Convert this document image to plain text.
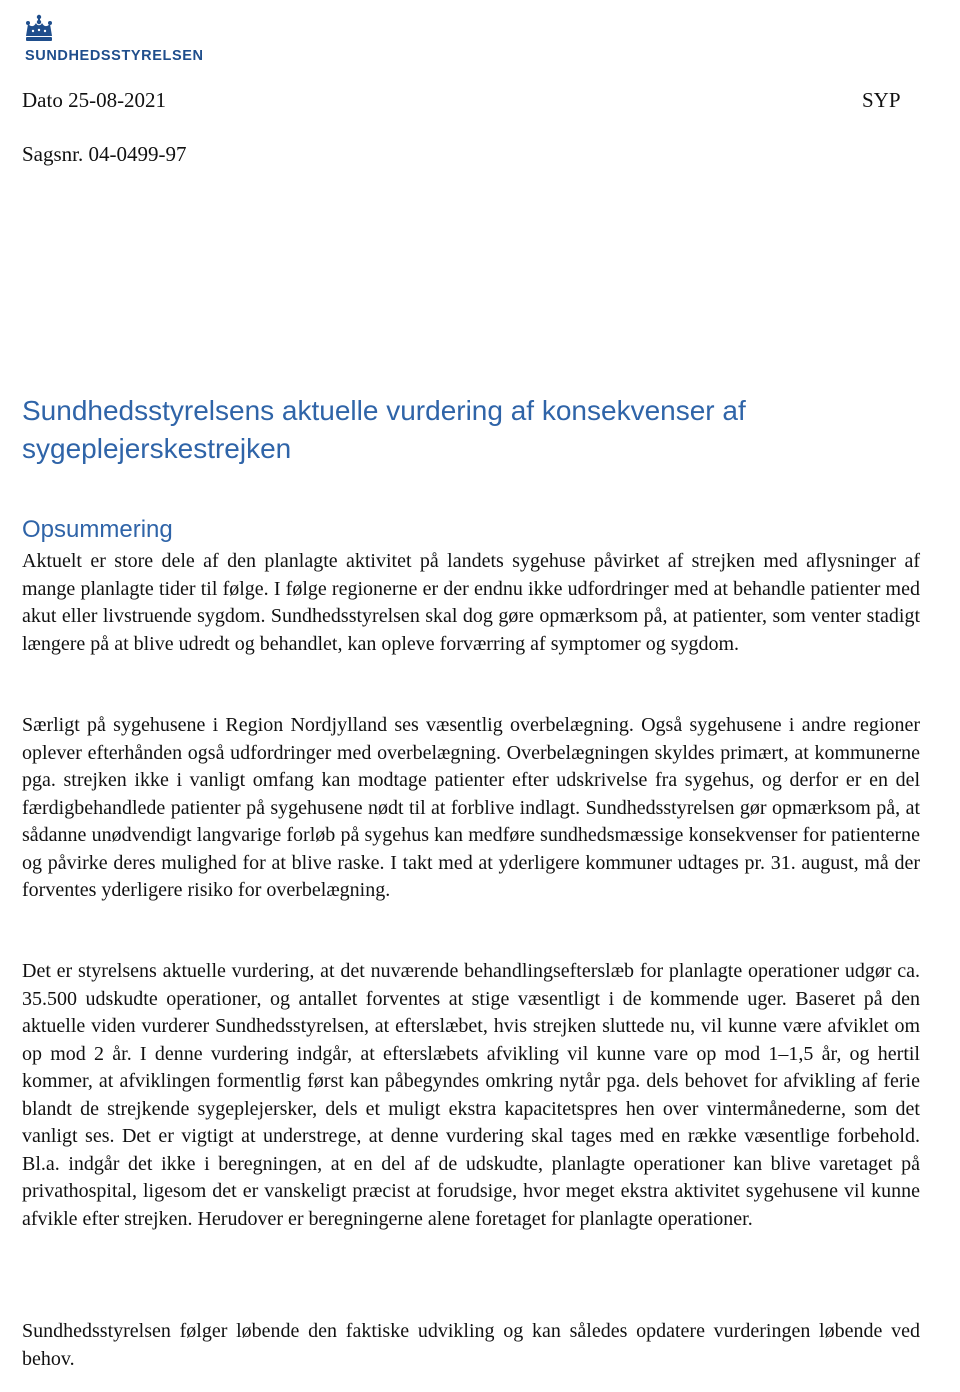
SUNDHEDSSTYRELSEN
Dato 25-08-2021	SYP
Sagsnr. 04-0499-97
Sundhedsstyrelsens aktuelle vurdering af konsekvenser af sygeplejerskestrejken
Opsummering

Aktuelt er store dele af den planlagte aktivitet på landets sygehuse påvirket af strejken med aflysninger af mange planlagte tider til følge. I følge regionerne er der endnu ikke udfordringer med at behandle patienter med akut eller livstruende sygdom. Sundhedsstyrelsen skal dog gøre opmærksom på, at patienter, som venter stadigt længere på at blive udredt og behandlet, kan opleve forværring af symptomer og sygdom.

Særligt på sygehusene i Region Nordjylland ses væsentlig overbelægning. Også sygehusene i andre regioner oplever efterhånden også udfordringer med overbelægning. Overbelægningen skyldes primært, at kommunerne pga. strejken ikke i vanligt omfang kan modtage patienter efter udskrivelse fra sygehus, og derfor er en del færdigbehandlede patienter på sygehusene nødt til at forblive indlagt. Sundhedsstyrelsen gør opmærksom på, at sådanne unødvendigt langvarige forløb på sygehus kan medføre sundhedsmæssige konsekvenser for patienterne og påvirke deres mulighed for at blive raske. I takt med at yderligere kommuner udtages pr. 31. august, må der forventes yderligere risiko for overbelægning.

Det er styrelsens aktuelle vurdering, at det nuværende behandlingsefterslæb for planlagte operationer udgør ca. 35.500 udskudte operationer, og antallet forventes at stige væsentligt i de kommende uger. Baseret på den aktuelle viden vurderer Sundhedsstyrelsen, at efterslæbet, hvis strejken sluttede nu, vil kunne være afviklet om op mod 2 år. I denne vurdering indgår, at efterslæbets afvikling vil kunne vare op mod 1–1,5 år, og hertil kommer, at afviklingen formentlig først kan påbegyndes omkring nytår pga. dels behovet for afvikling af ferie blandt de strejkende sygeplejersker, dels et muligt ekstra kapacitetspres hen over vintermånederne, som det vanligt ses. Det er vigtigt at understrege, at denne vurdering skal tages med en række væsentlige forbehold. Bl.a. indgår det ikke i beregningen, at en del af de udskudte, planlagte operationer kan blive varetaget på privathospital, ligesom det er vanskeligt præcist at forudsige, hvor meget ekstra aktivitet sygehusene vil kunne afvikle efter strejken. Herudover er beregningerne alene foretaget for planlagte operationer.

Sundhedsstyrelsen følger løbende den faktiske udvikling og kan således opdatere vurderingen løbende ved behov.
